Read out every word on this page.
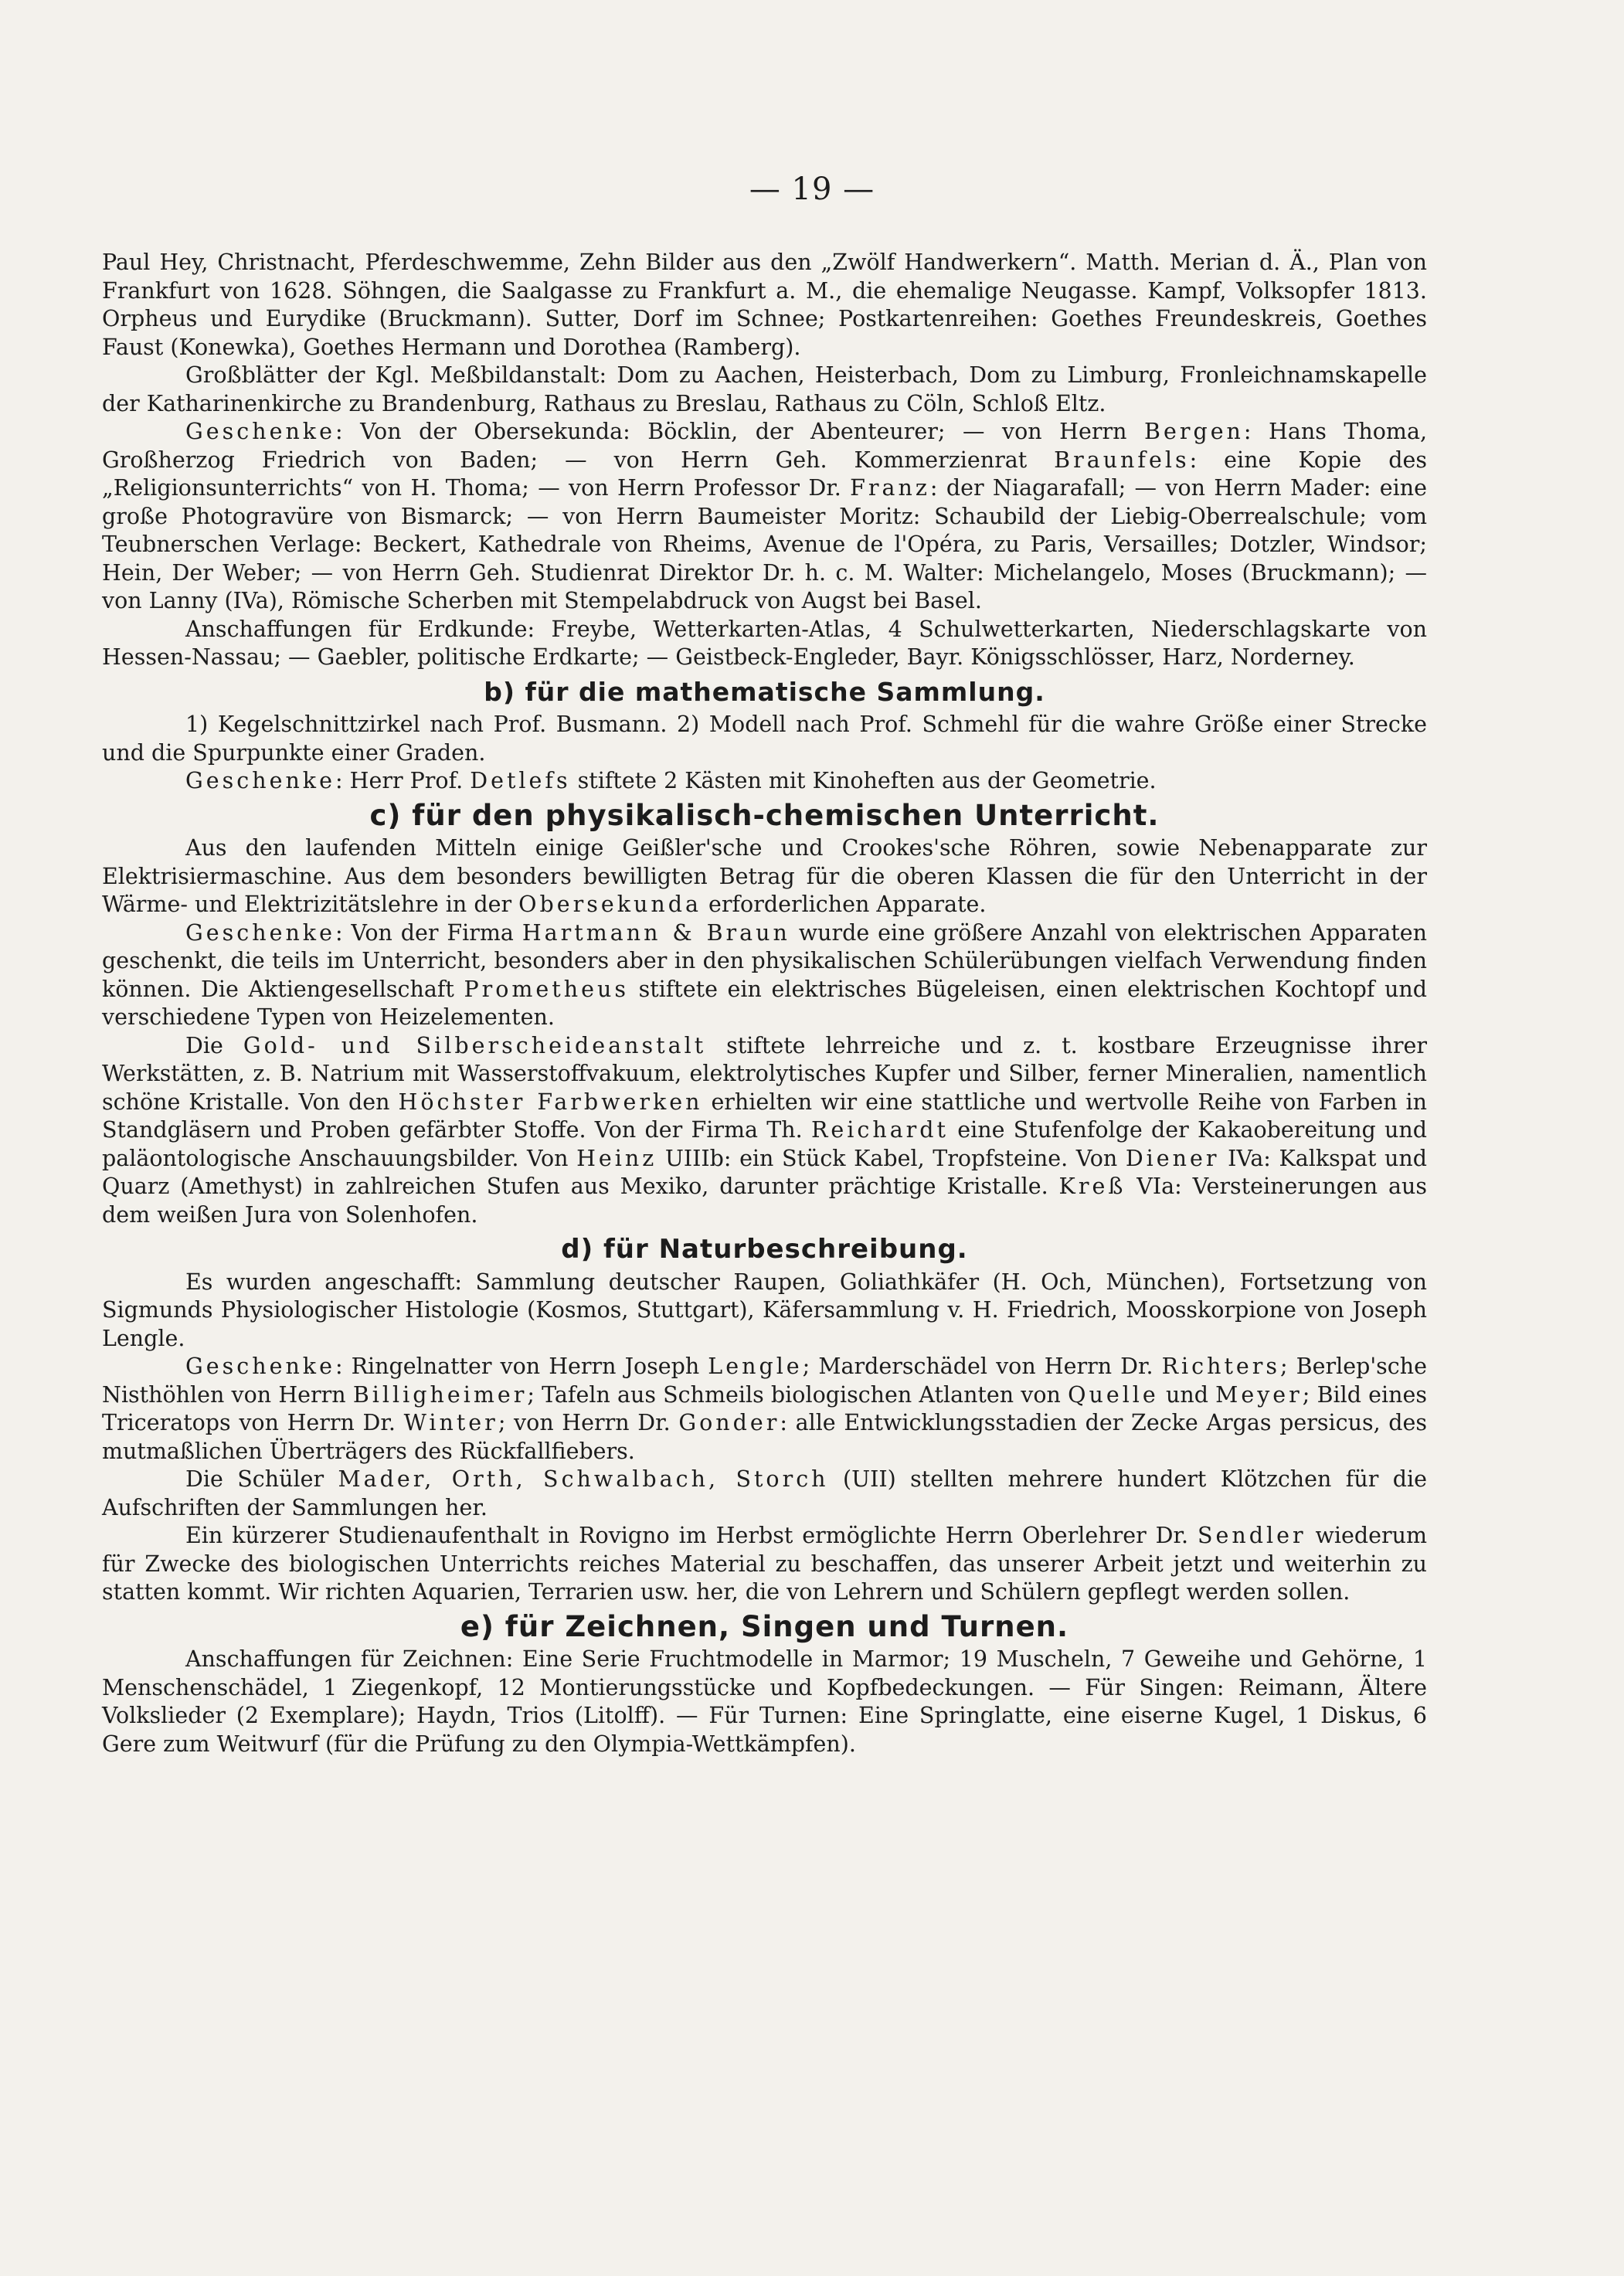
— 19 —

Paul Hey, Christnacht, Pferdeschwemme, Zehn Bilder aus den „Zwölf Handwerkern“. Matth. Merian d. Ä., Plan von Frankfurt von 1628. Söhngen, die Saalgasse zu Frankfurt a. M., die ehemalige Neugasse. Kampf, Volksopfer 1813. Orpheus und Eurydike (Bruckmann). Sutter, Dorf im Schnee; Postkartenreihen: Goethes Freundeskreis, Goethes Faust (Konewka), Goethes Hermann und Dorothea (Ramberg).

Großblätter der Kgl. Meßbildanstalt: Dom zu Aachen, Heisterbach, Dom zu Limburg, Fronleichnamskapelle der Katharinenkirche zu Brandenburg, Rathaus zu Breslau, Rathaus zu Cöln, Schloß Eltz.

Geschenke: Von der Obersekunda: Böcklin, der Abenteurer; — von Herrn Bergen: Hans Thoma, Großherzog Friedrich von Baden; — von Herrn Geh. Kommerzienrat Braunfels: eine Kopie des „Religionsunterrichts“ von H. Thoma; — von Herrn Professor Dr. Franz: der Niagarafall; — von Herrn Mader: eine große Photogravüre von Bismarck; — von Herrn Baumeister Moritz: Schaubild der Liebig-Oberrealschule; vom Teubnerschen Verlage: Beckert, Kathedrale von Rheims, Avenue de l'Opéra, zu Paris, Versailles; Dotzler, Windsor; Hein, Der Weber; — von Herrn Geh. Studienrat Direktor Dr. h. c. M. Walter: Michelangelo, Moses (Bruckmann); — von Lanny (IVa), Römische Scherben mit Stempelabdruck von Augst bei Basel.

Anschaffungen für Erdkunde: Freybe, Wetterkarten-Atlas, 4 Schulwetterkarten, Niederschlagskarte von Hessen-Nassau; — Gaebler, politische Erdkarte; — Geistbeck-Engleder, Bayr. Königsschlösser, Harz, Norderney.

b) für die mathematische Sammlung.

1) Kegelschnittzirkel nach Prof. Busmann. 2) Modell nach Prof. Schmehl für die wahre Größe einer Strecke und die Spurpunkte einer Graden.

Geschenke: Herr Prof. Detlefs stiftete 2 Kästen mit Kinoheften aus der Geometrie.

c) für den physikalisch-chemischen Unterricht.

Aus den laufenden Mitteln einige Geißler'sche und Crookes'sche Röhren, sowie Nebenapparate zur Elektrisiermaschine. Aus dem besonders bewilligten Betrag für die oberen Klassen die für den Unterricht in der Wärme- und Elektrizitätslehre in der Obersekunda erforderlichen Apparate.

Geschenke: Von der Firma Hartmann & Braun wurde eine größere Anzahl von elektrischen Apparaten geschenkt, die teils im Unterricht, besonders aber in den physikalischen Schülerübungen vielfach Verwendung finden können. Die Aktiengesellschaft Prometheus stiftete ein elektrisches Bügeleisen, einen elektrischen Kochtopf und verschiedene Typen von Heizelementen.

Die Gold- und Silberscheideanstalt stiftete lehrreiche und z. t. kostbare Erzeugnisse ihrer Werkstätten, z. B. Natrium mit Wasserstoffvakuum, elektrolytisches Kupfer und Silber, ferner Mineralien, namentlich schöne Kristalle. Von den Höchster Farbwerken erhielten wir eine stattliche und wertvolle Reihe von Farben in Standgläsern und Proben gefärbter Stoffe. Von der Firma Th. Reichardt eine Stufenfolge der Kakaobereitung und paläontologische Anschauungsbilder. Von Heinz UIIIb: ein Stück Kabel, Tropfsteine. Von Diener IVa: Kalkspat und Quarz (Amethyst) in zahlreichen Stufen aus Mexiko, darunter prächtige Kristalle. Kreß VIa: Versteinerungen aus dem weißen Jura von Solenhofen.

d) für Naturbeschreibung.

Es wurden angeschafft: Sammlung deutscher Raupen, Goliathkäfer (H. Och, München), Fortsetzung von Sigmunds Physiologischer Histologie (Kosmos, Stuttgart), Käfersammlung v. H. Friedrich, Moosskorpione von Joseph Lengle.

Geschenke: Ringelnatter von Herrn Joseph Lengle; Marderschädel von Herrn Dr. Richters; Berlep'sche Nisthöhlen von Herrn Billigheimer; Tafeln aus Schmeils biologischen Atlanten von Quelle und Meyer; Bild eines Triceratops von Herrn Dr. Winter; von Herrn Dr. Gonder: alle Entwicklungsstadien der Zecke Argas persicus, des mutmaßlichen Überträgers des Rückfallfiebers.

Die Schüler Mader, Orth, Schwalbach, Storch (UII) stellten mehrere hundert Klötzchen für die Aufschriften der Sammlungen her.

Ein kürzerer Studienaufenthalt in Rovigno im Herbst ermöglichte Herrn Oberlehrer Dr. Sendler wiederum für Zwecke des biologischen Unterrichts reiches Material zu beschaffen, das unserer Arbeit jetzt und weiterhin zu statten kommt. Wir richten Aquarien, Terrarien usw. her, die von Lehrern und Schülern gepflegt werden sollen.

e) für Zeichnen, Singen und Turnen.

Anschaffungen für Zeichnen: Eine Serie Fruchtmodelle in Marmor; 19 Muscheln, 7 Geweihe und Gehörne, 1 Menschenschädel, 1 Ziegenkopf, 12 Montierungsstücke und Kopfbedeckungen. — Für Singen: Reimann, Ältere Volkslieder (2 Exemplare); Haydn, Trios (Litolff). — Für Turnen: Eine Springlatte, eine eiserne Kugel, 1 Diskus, 6 Gere zum Weitwurf (für die Prüfung zu den Olympia-Wettkämpfen).
